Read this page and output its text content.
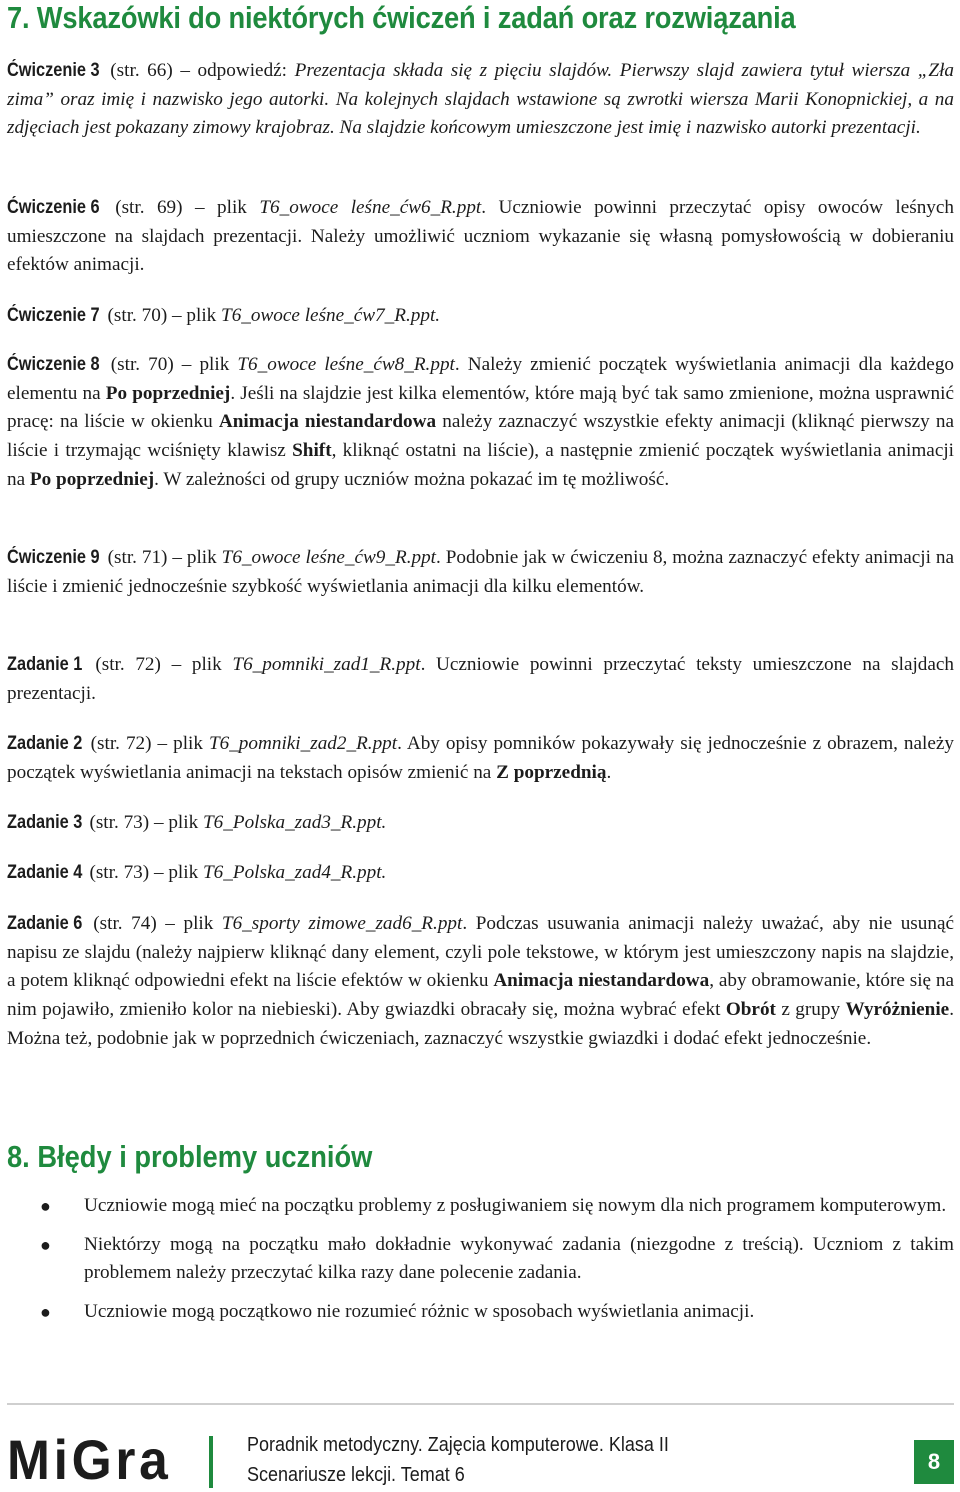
7. Wskazówki do niektórych ćwiczeń i zadań oraz rozwiązania

Ćwiczenie 3 (str. 66) – odpowiedź: Prezentacja składa się z pięciu slajdów. Pierwszy slajd zawiera tytuł wiersza „Zła zima” oraz imię i nazwisko jego autorki. Na kolejnych slajdach wstawione są zwrotki wiersza Marii Konopnickiej, a na zdjęciach jest pokazany zimowy krajobraz. Na slajdzie końcowym umieszczone jest imię i nazwisko autorki prezentacji.

Ćwiczenie 6 (str. 69) – plik T6_owoce leśne_ćw6_R.ppt. Uczniowie powinni przeczytać opisy owoców leśnych umieszczone na slajdach prezentacji. Należy umożliwić uczniom wykazanie się własną pomysłowością w dobieraniu efektów animacji.

Ćwiczenie 7 (str. 70) – plik T6_owoce leśne_ćw7_R.ppt.

Ćwiczenie 8 (str. 70) – plik T6_owoce leśne_ćw8_R.ppt. Należy zmienić początek wyświetlania animacji dla każdego elementu na Po poprzedniej. Jeśli na slajdzie jest kilka elementów, które mają być tak samo zmienione, można usprawnić pracę: na liście w okienku Animacja niestandardowa należy zaznaczyć wszystkie efekty animacji (kliknąć pierwszy na liście i trzymając wciśnięty klawisz Shift, kliknąć ostatni na liście), a następnie zmienić początek wyświetlania animacji na Po poprzedniej. W zależności od grupy uczniów można pokazać im tę możliwość.

Ćwiczenie 9 (str. 71) – plik T6_owoce leśne_ćw9_R.ppt. Podobnie jak w ćwiczeniu 8, można zaznaczyć efekty animacji na liście i zmienić jednocześnie szybkość wyświetlania animacji dla kilku elementów.

Zadanie 1 (str. 72) – plik T6_pomniki_zad1_R.ppt. Uczniowie powinni przeczytać teksty umieszczone na slajdach prezentacji.

Zadanie 2 (str. 72) – plik T6_pomniki_zad2_R.ppt. Aby opisy pomników pokazywały się jednocześnie z obrazem, należy początek wyświetlania animacji na tekstach opisów zmienić na Z poprzednią.

Zadanie 3 (str. 73) – plik T6_Polska_zad3_R.ppt.

Zadanie 4 (str. 73) – plik T6_Polska_zad4_R.ppt.

Zadanie 6 (str. 74) – plik T6_sporty zimowe_zad6_R.ppt. Podczas usuwania animacji należy uważać, aby nie usunąć napisu ze slajdu (należy najpierw kliknąć dany element, czyli pole tekstowe, w którym jest umieszczony napis na slajdzie, a potem kliknąć odpowiedni efekt na liście efektów w okienku Animacja niestandardowa, aby obramowanie, które się na nim pojawiło, zmieniło kolor na niebieski). Aby gwiazdki obracały się, można wybrać efekt Obrót z grupy Wyróżnienie. Można też, podobnie jak w poprzednich ćwiczeniach, zaznaczyć wszystkie gwiazdki i dodać efekt jednocześnie.

8. Błędy i problemy uczniów
● Uczniowie mogą mieć na początku problemy z posługiwaniem się nowym dla nich programem komputerowym.
● Niektórzy mogą na początku mało dokładnie wykonywać zadania (niezgodne z treścią). Uczniom z takim problemem należy przeczytać kilka razy dane polecenie zadania.
● Uczniowie mogą początkowo nie rozumieć różnic w sposobach wyświetlania animacji.
MiGra	Poradnik metodyczny. Zajęcia komputerowe. Klasa II
Scenariusze lekcji. Temat 6
8
